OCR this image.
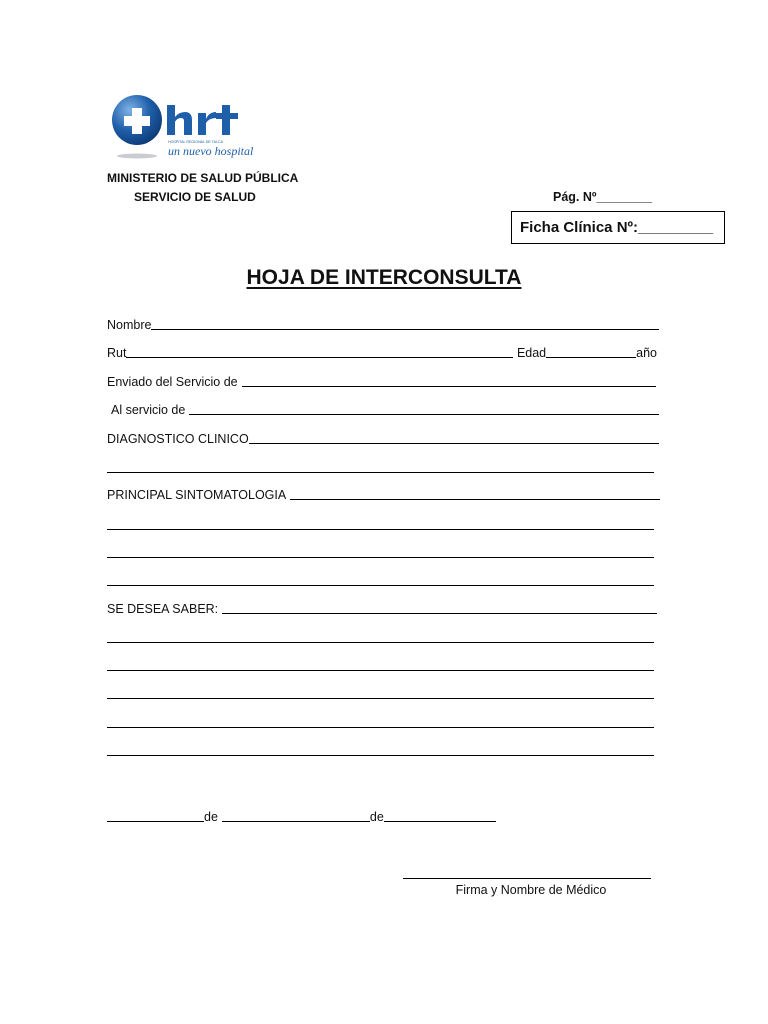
HOSPITAL REGIONAL DE TALCA
un nuevo hospital
MINISTERIO DE SALUD PÚBLICA
SERVICIO DE SALUD	Pág. Nº________
Ficha Clínica Nº:_________
HOJA DE INTERCONSULTA
Nombre
Rut	Edad	año
Enviado del Servicio de
Al servicio de
DIAGNOSTICO CLINICO
PRINCIPAL SINTOMATOLOGIA
SE DESEA SABER:
de	de
Firma y Nombre de Médico
